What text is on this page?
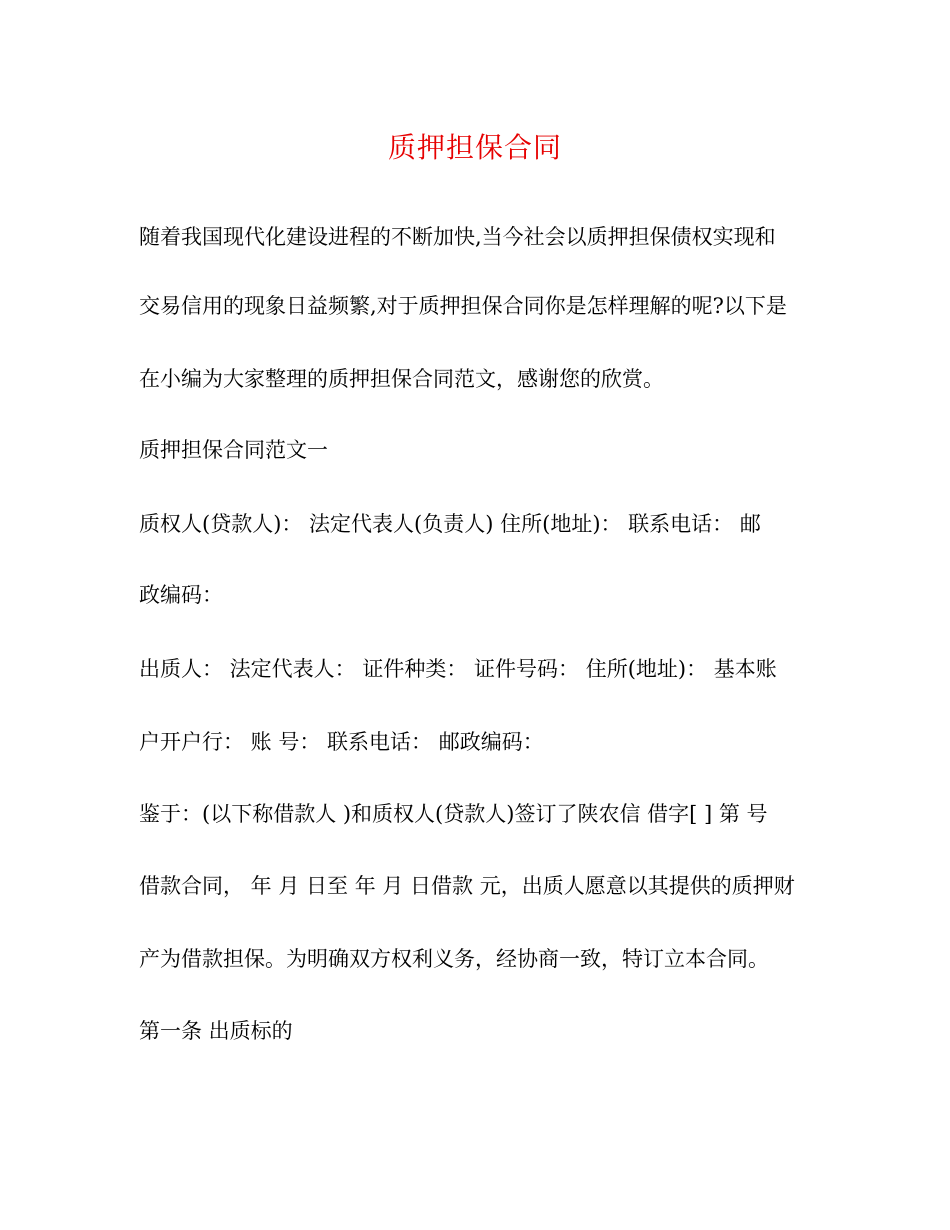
质押担保合同
随着我国现代化建设进程的不断加快,当今社会以质押担保债权实现和
交易信用的现象日益频繁,对于质押担保合同你是怎样理解的呢?以下是
在小编为大家整理的质押担保合同范文，感谢您的欣赏。
质押担保合同范文一
质权人(贷款人)： 法定代表人(负责人) 住所(地址)： 联系电话： 邮
政编码：
出质人： 法定代表人： 证件种类： 证件号码： 住所(地址)： 基本账
户开户行： 账 号： 联系电话： 邮政编码：
鉴于：(以下称借款人 )和质权人(贷款人)签订了陕农信 借字[ ] 第 号
借款合同， 年 月 日至 年 月 日借款 元，出质人愿意以其提供的质押财
产为借款担保。为明确双方权利义务，经协商一致，特订立本合同。
第一条 出质标的
